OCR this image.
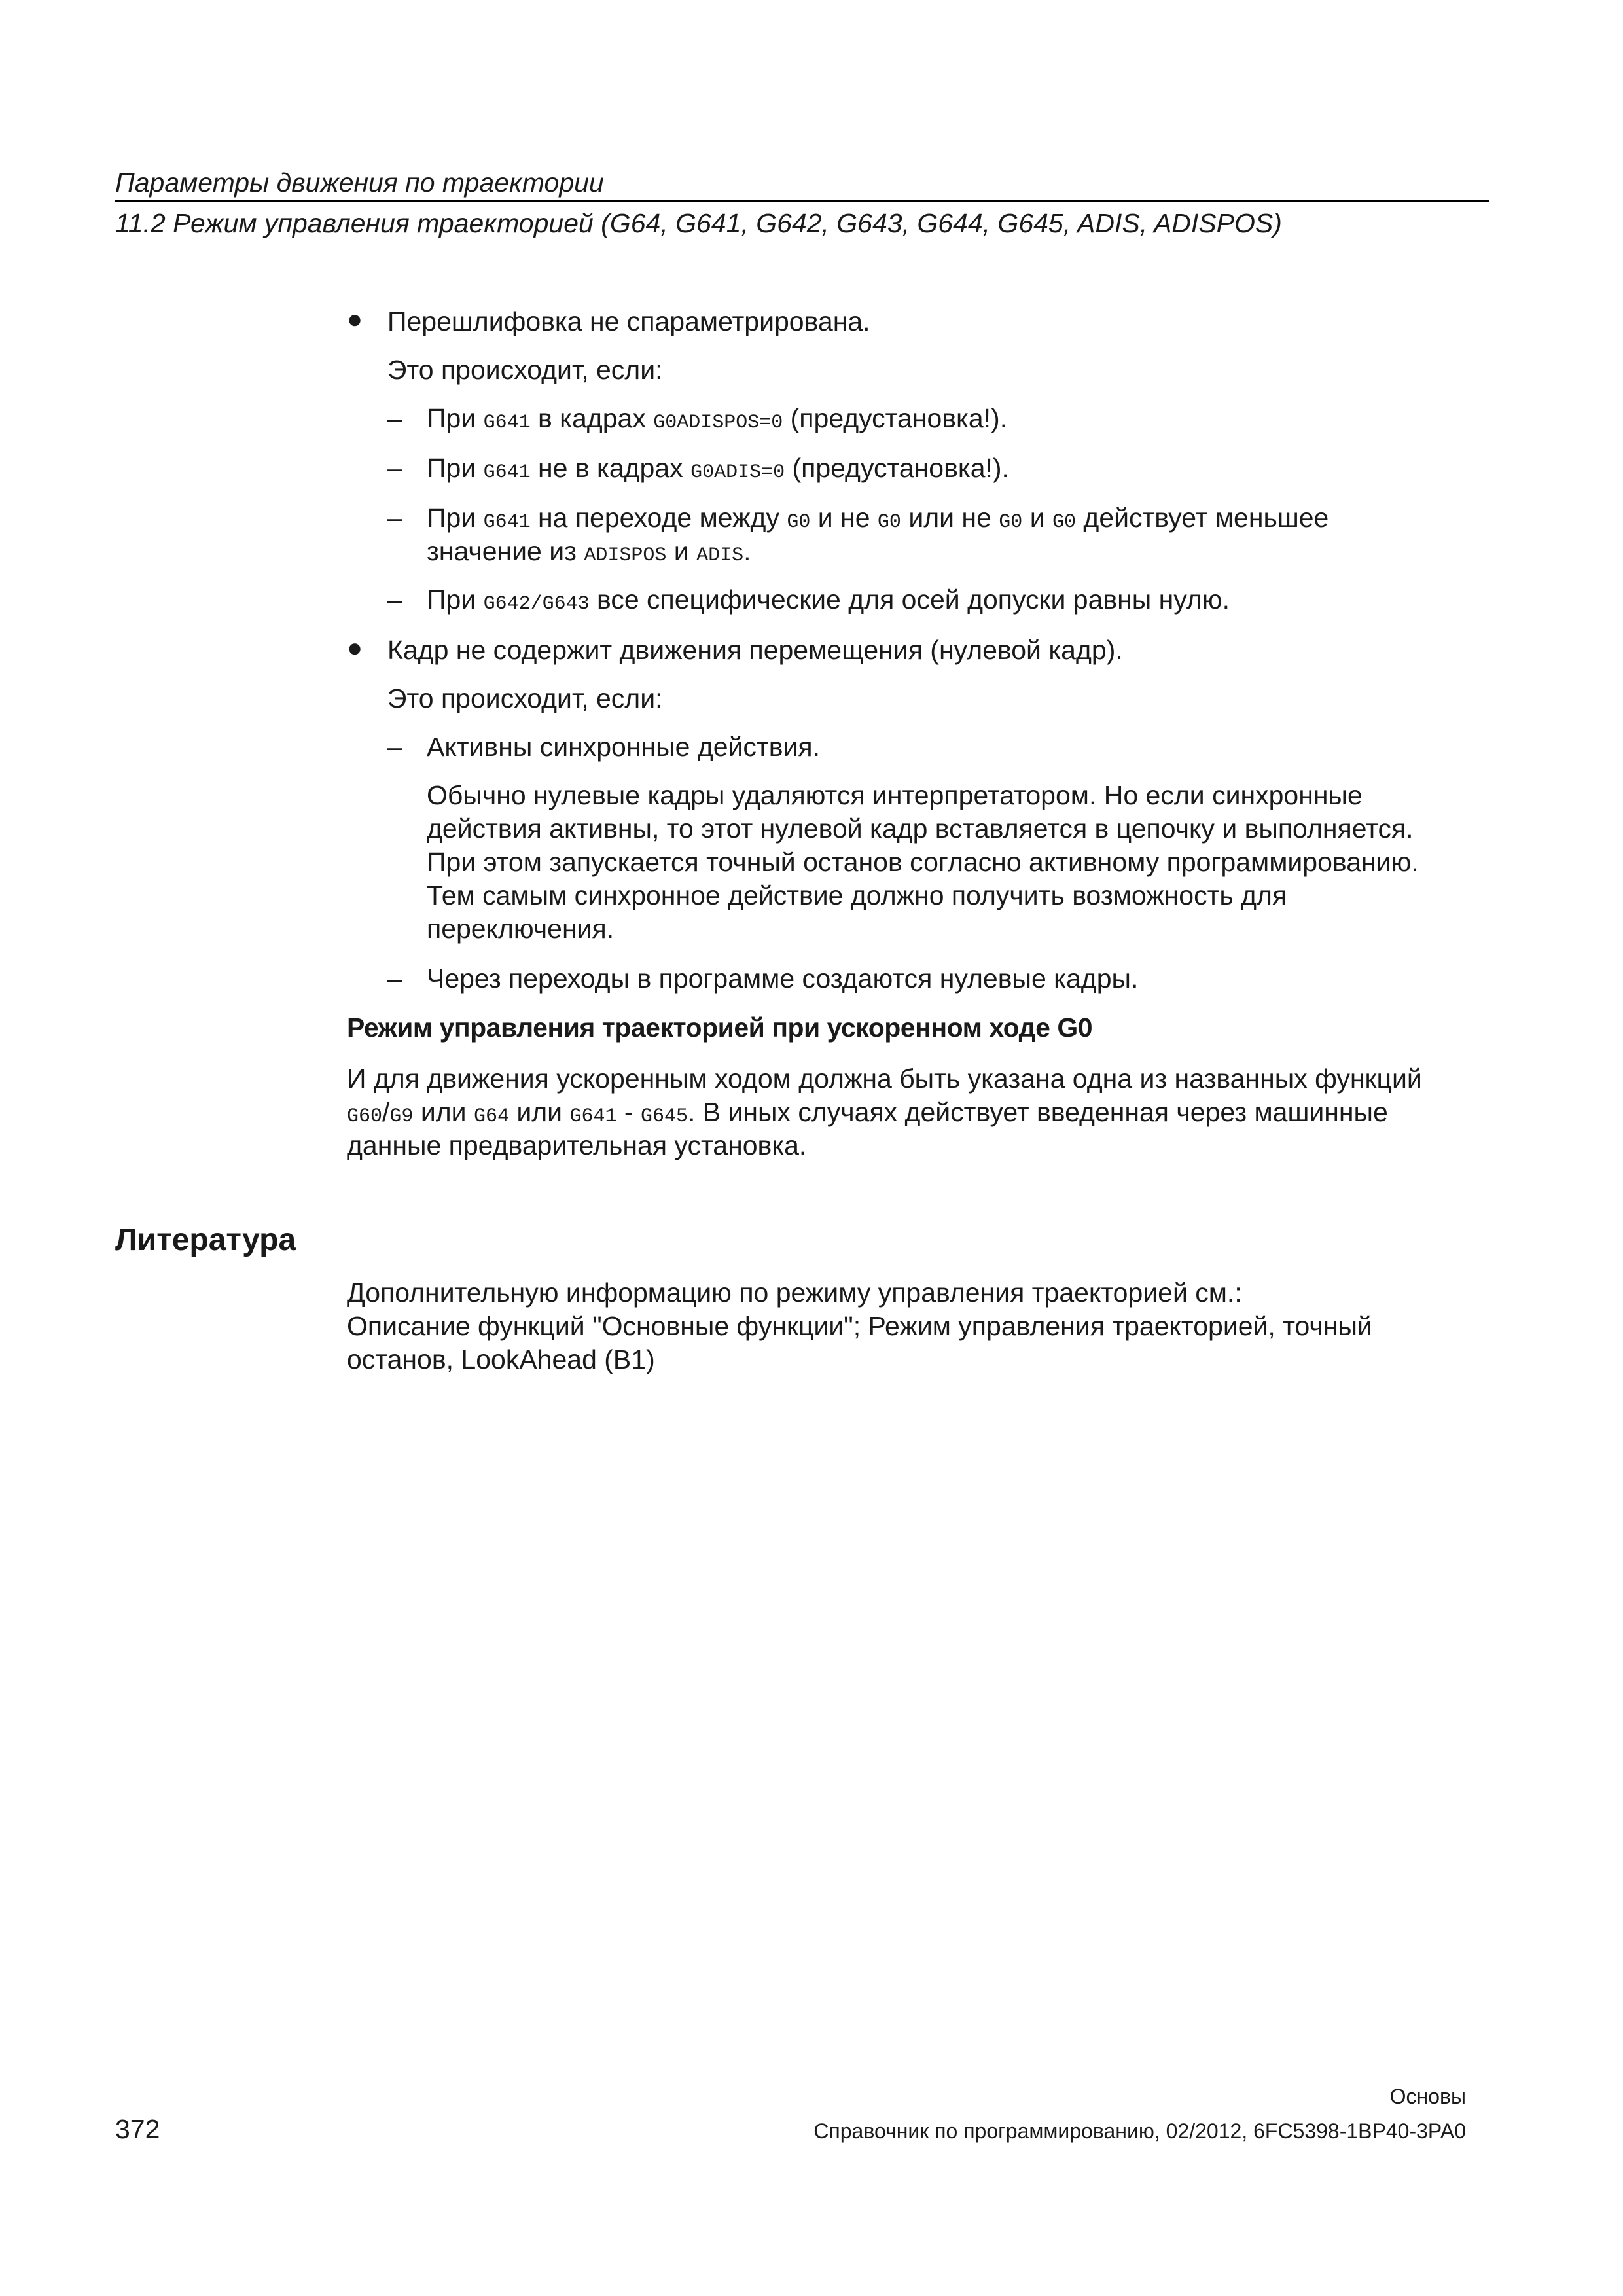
Параметры движения по траектории
11.2 Режим управления траекторией (G64, G641, G642, G643, G644, G645, ADIS, ADISPOS)
● Перешлифовка не спараметрирована.
Это происходит, если:
– При G641 в кадрах G0ADISPOS=0 (предустановка!).
– При G641 не в кадрах G0ADIS=0 (предустановка!).
– При G641 на переходе между G0 и не G0 или не G0 и G0 действует меньшее
значение из ADISPOS и ADIS.
– При G642/G643 все специфические для осей допуски равны нулю.
● Кадр не содержит движения перемещения (нулевой кадр).
Это происходит, если:
– Активны синхронные действия.
Обычно нулевые кадры удаляются интерпретатором. Но если синхронные
действия активны, то этот нулевой кадр вставляется в цепочку и выполняется.
При этом запускается точный останов согласно активному программированию.
Тем самым синхронное действие должно получить возможность для
переключения.
– Через переходы в программе создаются нулевые кадры.
Режим управления траекторией при ускоренном ходе G0
И для движения ускоренным ходом должна быть указана одна из названных функций
G60/G9 или G64 или G641 - G645. В иных случаях действует введенная через машинные
данные предварительная установка.
Литература
Дополнительную информацию по режиму управления траекторией см.:
Описание функций "Основные функции"; Режим управления траекторией, точный
останов, LookAhead (B1)
372
Основы
Справочник по программированию, 02/2012, 6FC5398-1BP40-3PA0
